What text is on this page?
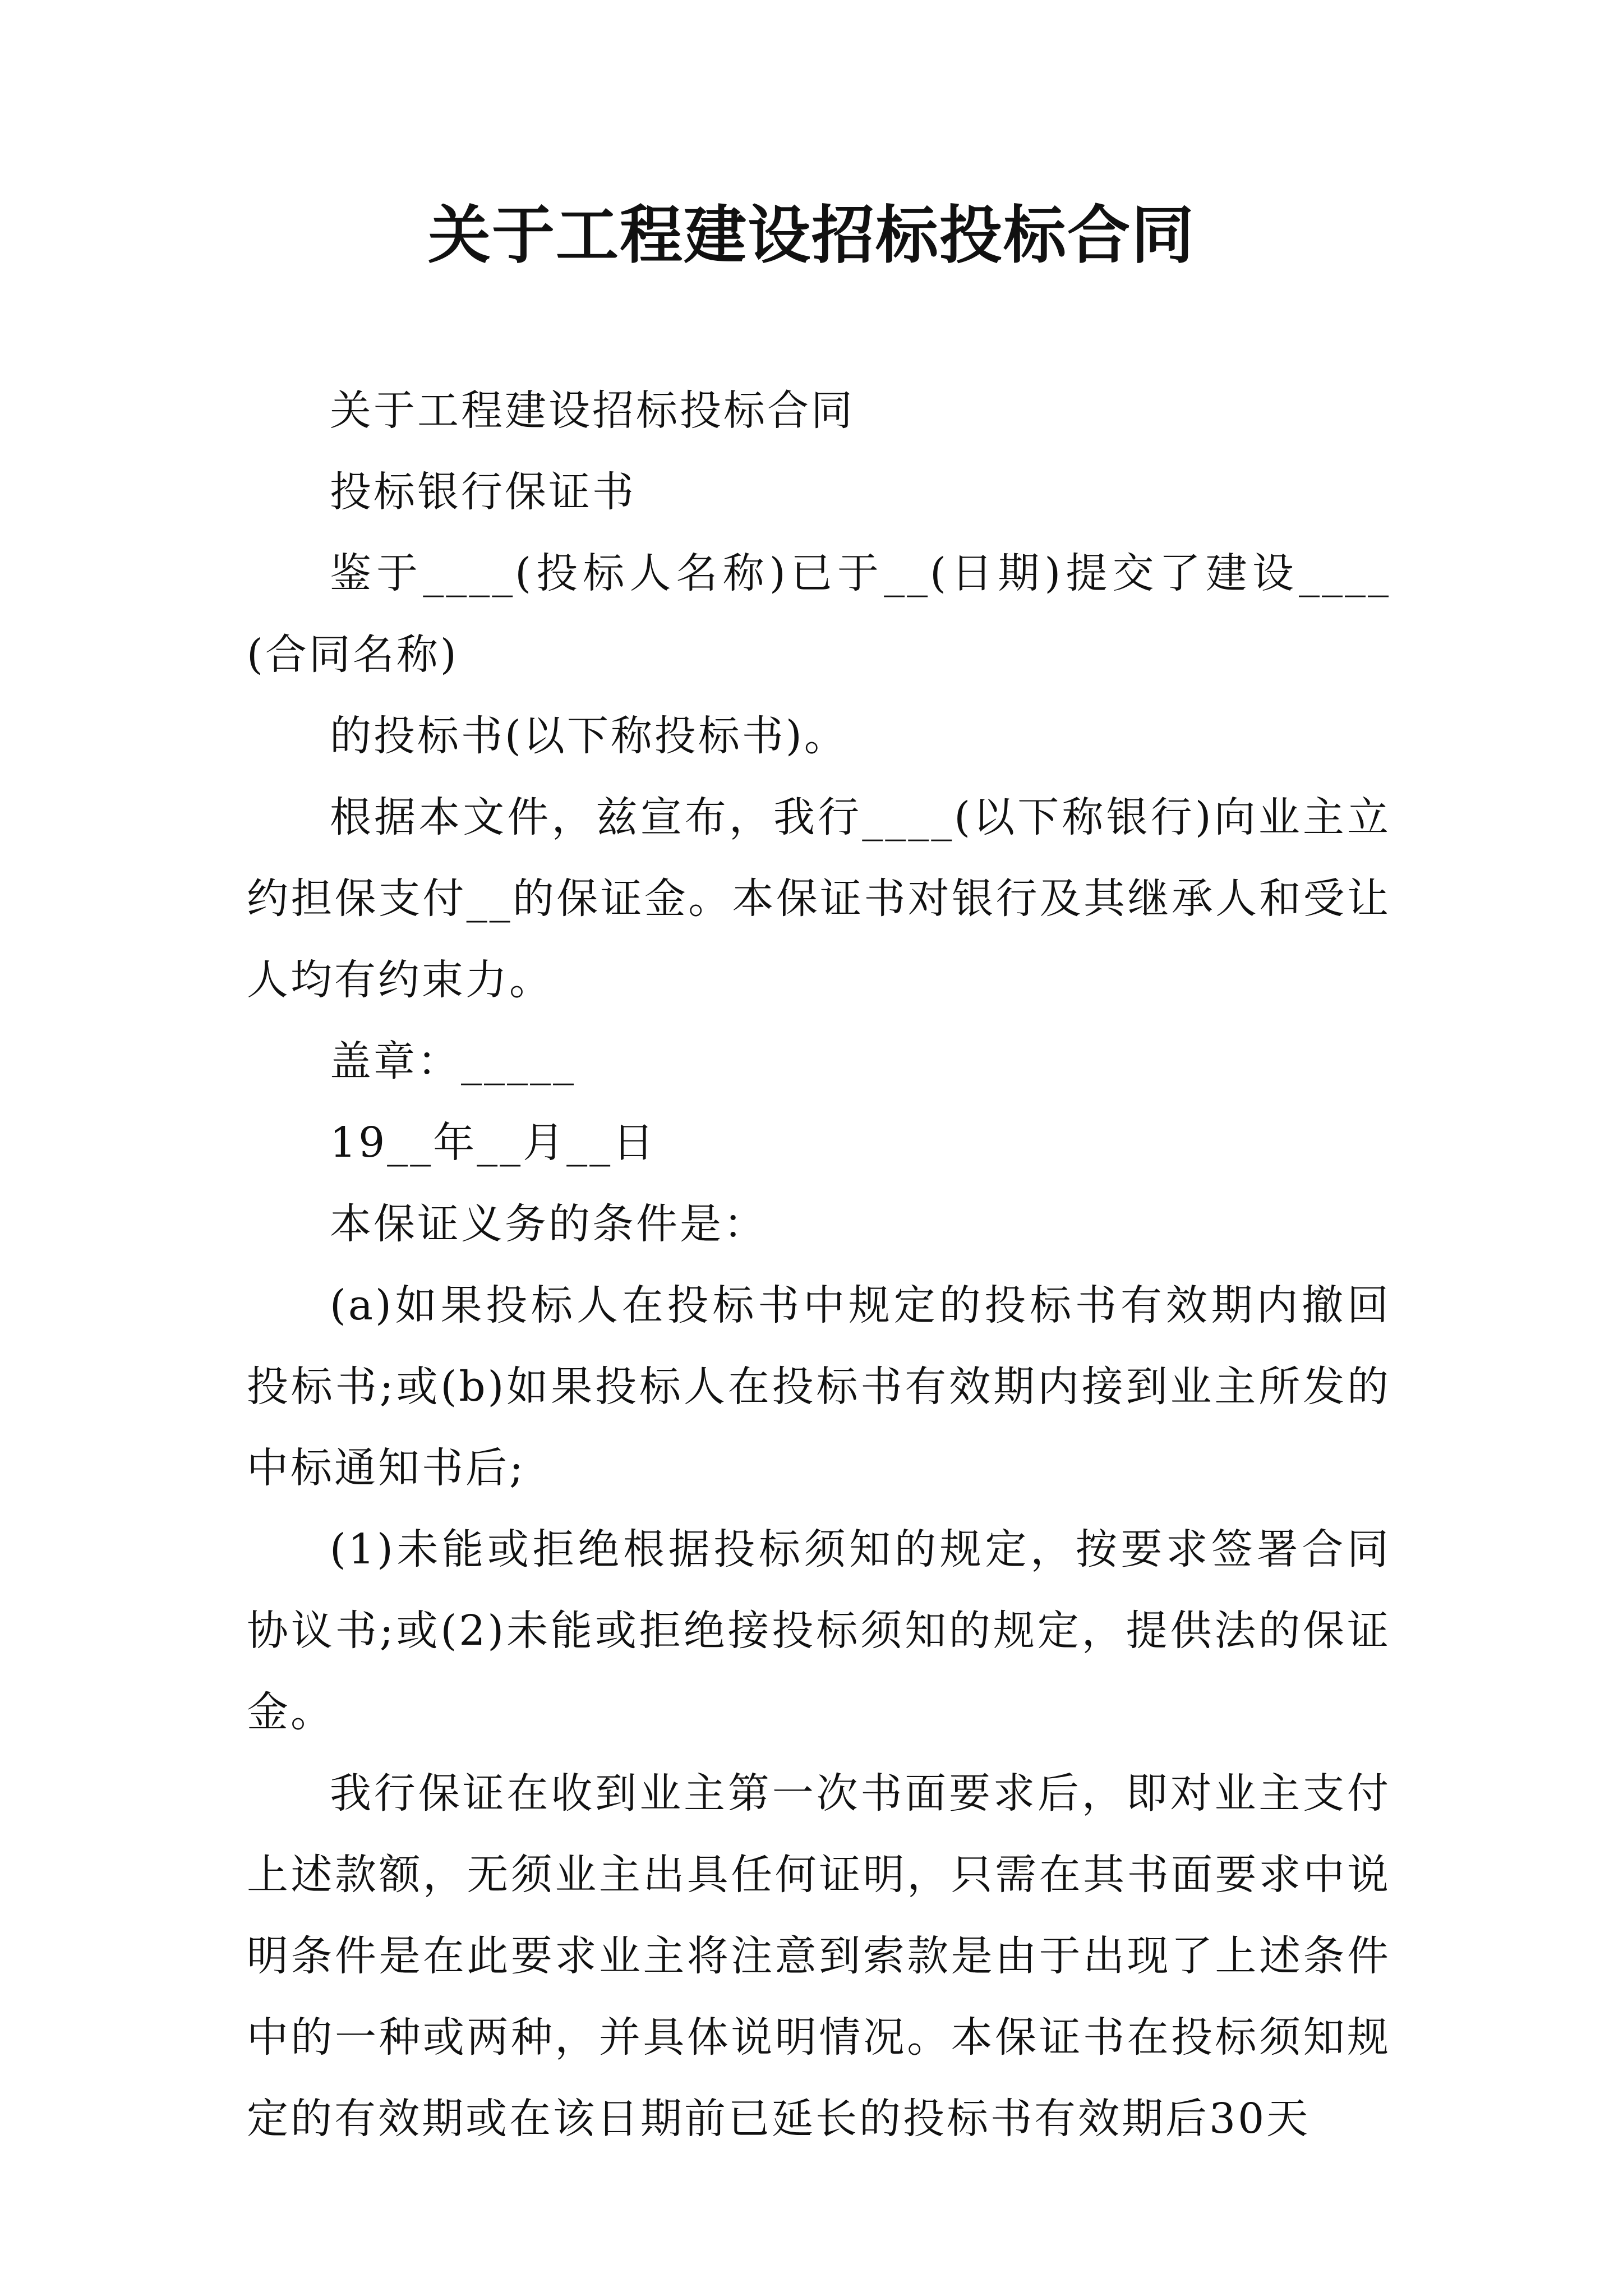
关于工程建设招标投标合同

关于工程建设招标投标合同

投标银行保证书

鉴于____(投标人名称)已于__(日期)提交了建设____(合同名称)

的投标书(以下称投标书)。

根据本文件，兹宣布，我行____(以下称银行)向业主立约担保支付__的保证金。本保证书对银行及其继承人和受让人均有约束力。

盖章：_____

19__年__月__日

本保证义务的条件是：

(a)如果投标人在投标书中规定的投标书有效期内撤回投标书;或(b)如果投标人在投标书有效期内接到业主所发的中标通知书后;

(1)未能或拒绝根据投标须知的规定，按要求签署合同协议书;或(2)未能或拒绝接投标须知的规定，提供法的保证金。

我行保证在收到业主第一次书面要求后，即对业主支付上述款额，无须业主出具任何证明，只需在其书面要求中说明条件是在此要求业主将注意到索款是由于出现了上述条件中的一种或两种，并具体说明情况。本保证书在投标须知规定的有效期或在该日期前已延长的投标书有效期后30天
